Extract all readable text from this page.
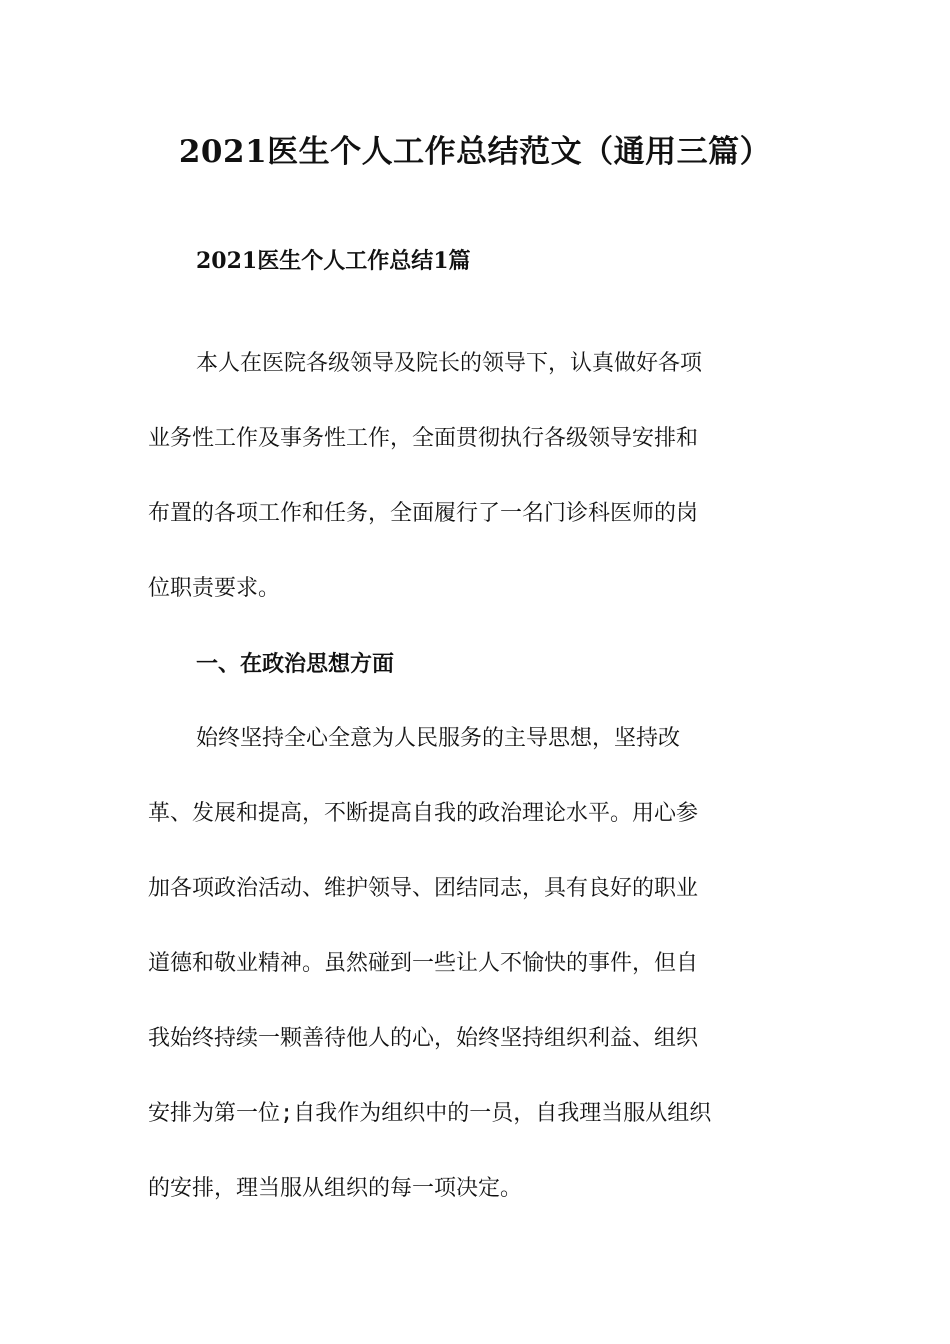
2021医生个人工作总结范文（通用三篇）
2021医生个人工作总结1篇
本人在医院各级领导及院长的领导下，认真做好各项
业务性工作及事务性工作，全面贯彻执行各级领导安排和
布置的各项工作和任务，全面履行了一名门诊科医师的岗
位职责要求。
一、在政治思想方面
始终坚持全心全意为人民服务的主导思想，坚持改
革、发展和提高，不断提高自我的政治理论水平。用心参
加各项政治活动、维护领导、团结同志，具有良好的职业
道德和敬业精神。虽然碰到一些让人不愉快的事件，但自
我始终持续一颗善待他人的心，始终坚持组织利益、组织
安排为第一位;自我作为组织中的一员，自我理当服从组织
的安排，理当服从组织的每一项决定。
